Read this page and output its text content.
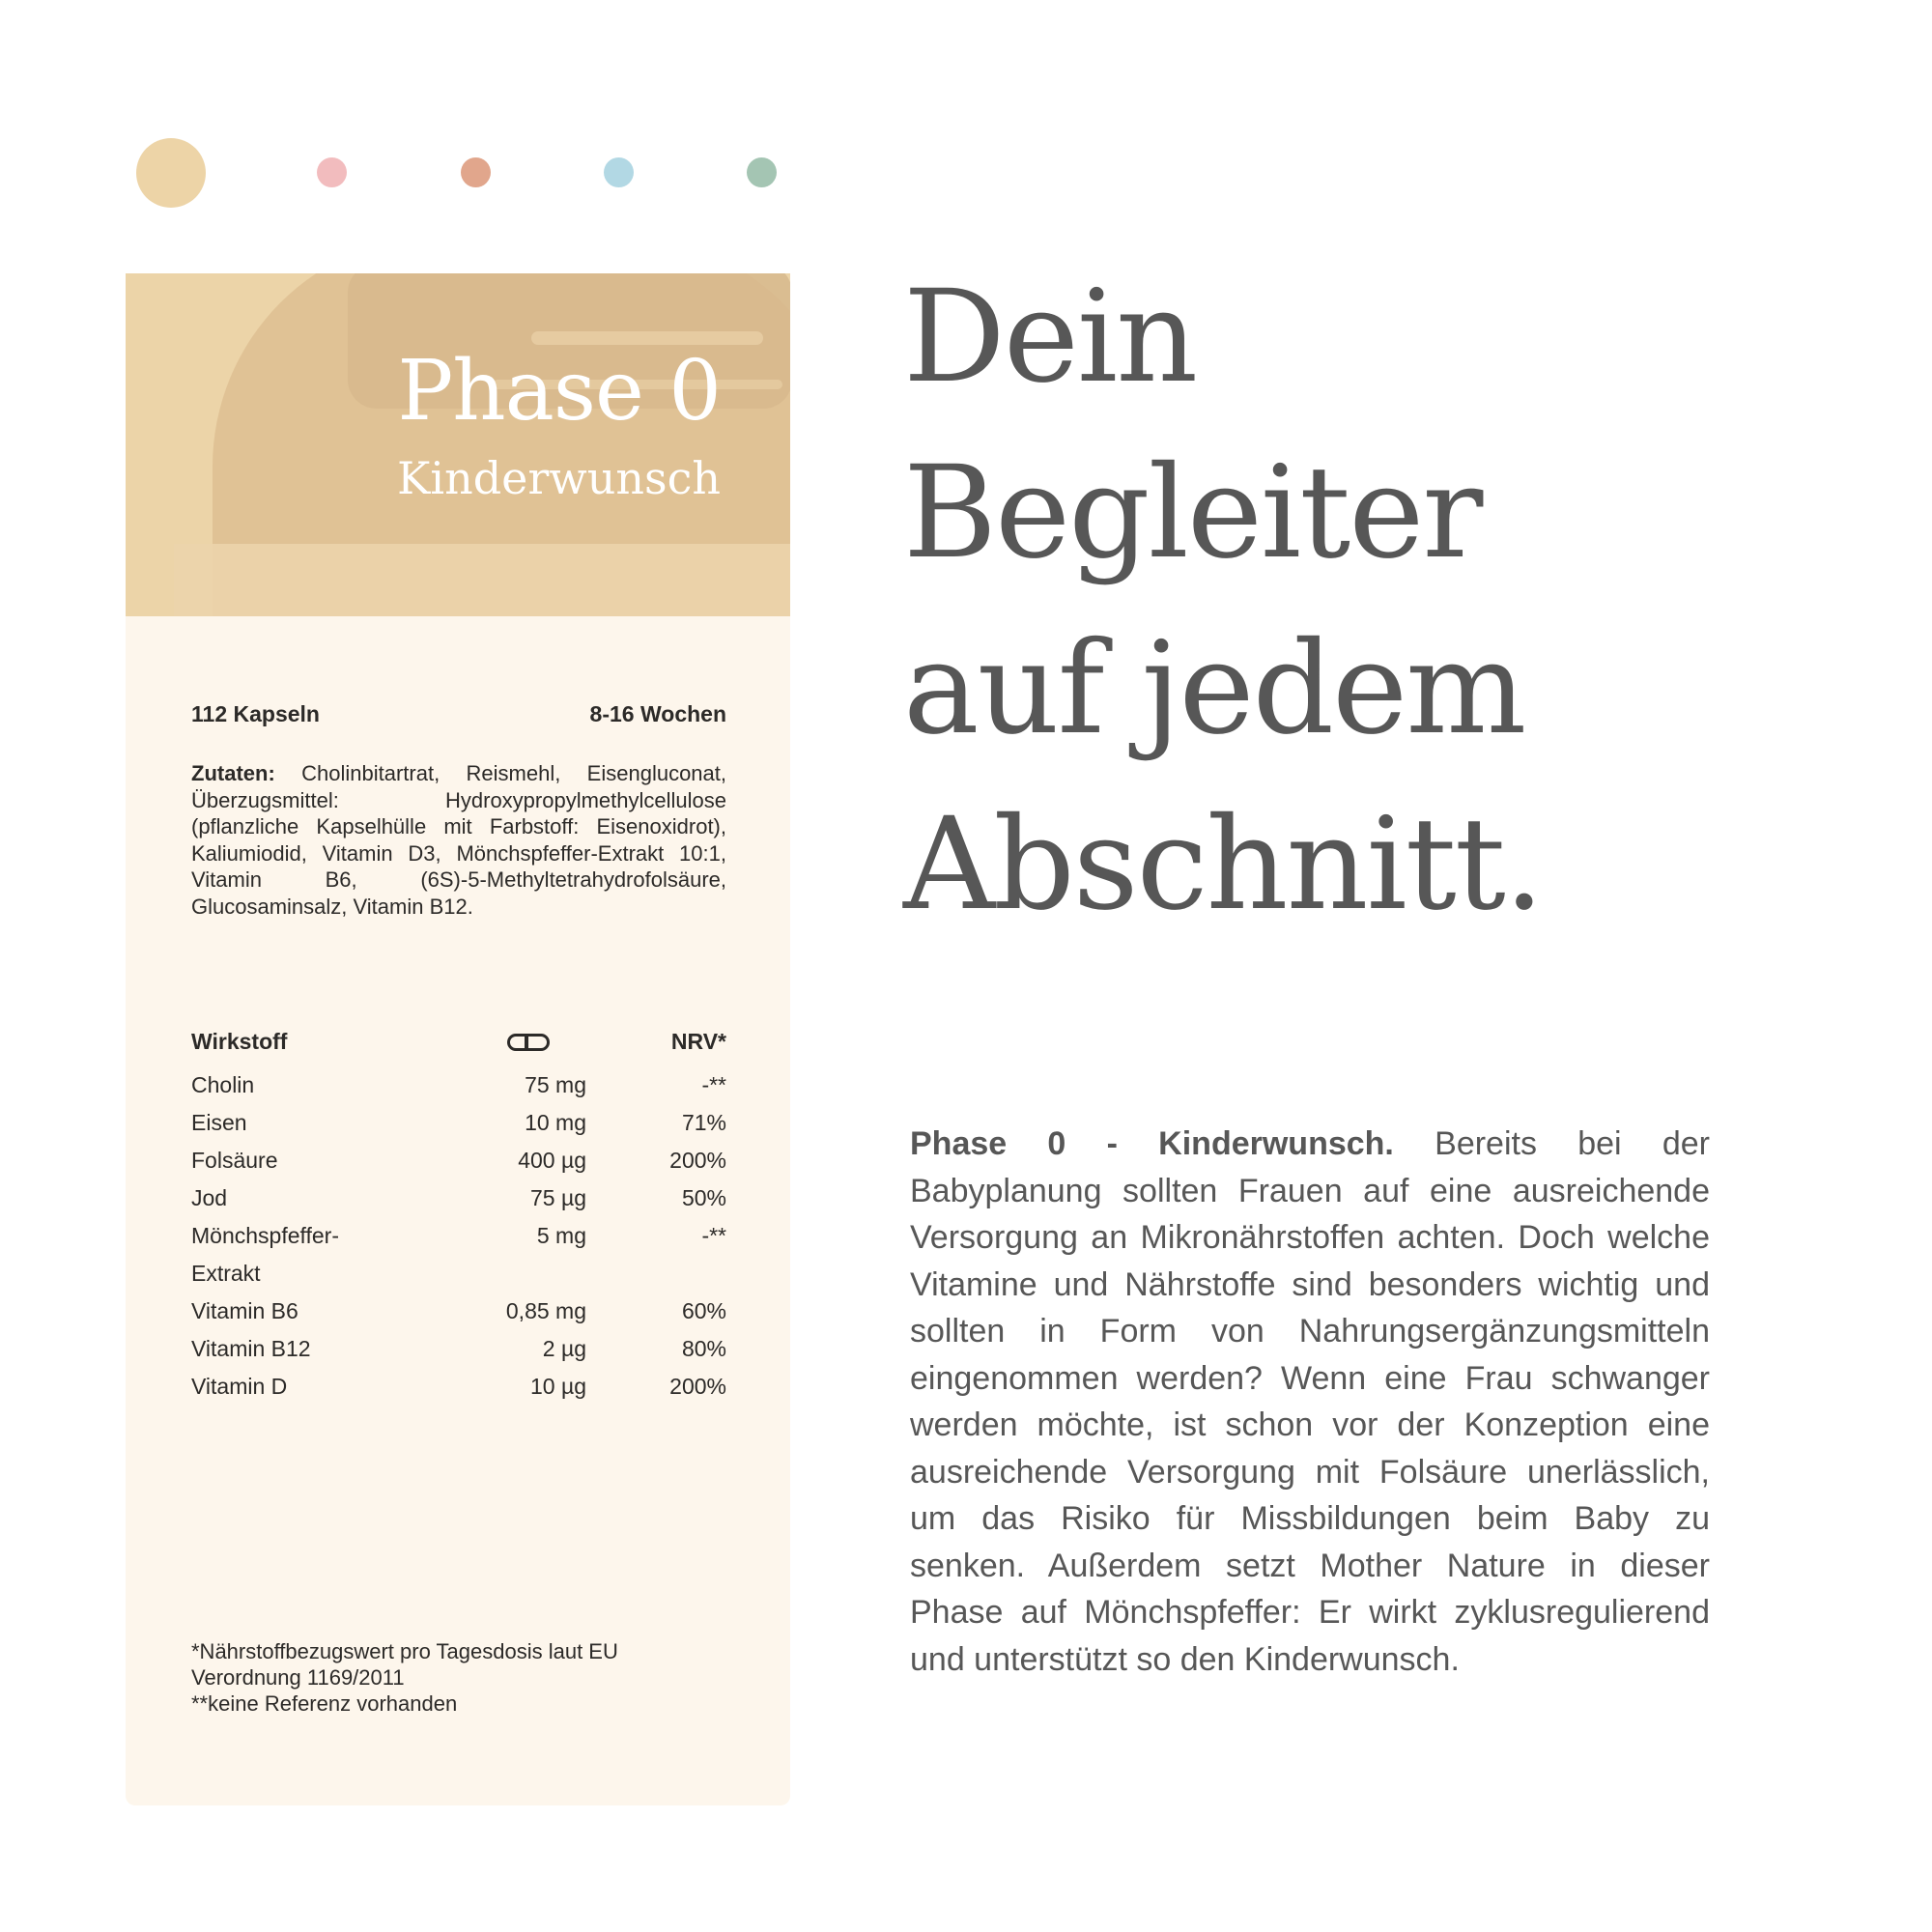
Phase 0
Kinderwunsch
112 Kapseln	8-16 Wochen
Zutaten: Cholinbitartrat, Reismehl, Eisengluconat, Überzugsmittel: Hydroxypropylmethylcellulose (pflanzliche Kapselhülle mit Farbstoff: Eisenoxidrot), Kaliumiodid, Vitamin D3, Mönchspfeffer-Extrakt 10:1, Vitamin B6, (6S)-5-Methyltetrahydrofolsäure, Glucosaminsalz, Vitamin B12.
Wirkstoff	NRV*
Cholin	75 mg	-**
Eisen	10 mg	71%
Folsäure	400 µg	200%
Jod	75 µg	50%
Mönchspfeffer-	5 mg	-**
Extrakt
Vitamin B6	0,85 mg	60%
Vitamin B12	2 µg	80%
Vitamin D	10 µg	200%
*Nährstoffbezugswert pro Tagesdosis laut EU Verordnung 1169/2011
**keine Referenz vorhanden
Dein
Begleiter
auf jedem
Abschnitt.
Phase 0 - Kinderwunsch. Bereits bei der Babyplanung sollten Frauen auf eine ausreichende Versorgung an Mikronährstoffen achten. Doch welche Vitamine und Nährstoffe sind besonders wichtig und sollten in Form von Nahrungsergänzungsmitteln eingenommen werden? Wenn eine Frau schwanger werden möchte, ist schon vor der Konzeption eine ausreichende Versorgung mit Folsäure unerlässlich, um das Risiko für Missbildungen beim Baby zu senken. Außerdem setzt Mother Nature in dieser Phase auf Mönchspfeffer: Er wirkt zyklusregulierend und unterstützt so den Kinderwunsch.
